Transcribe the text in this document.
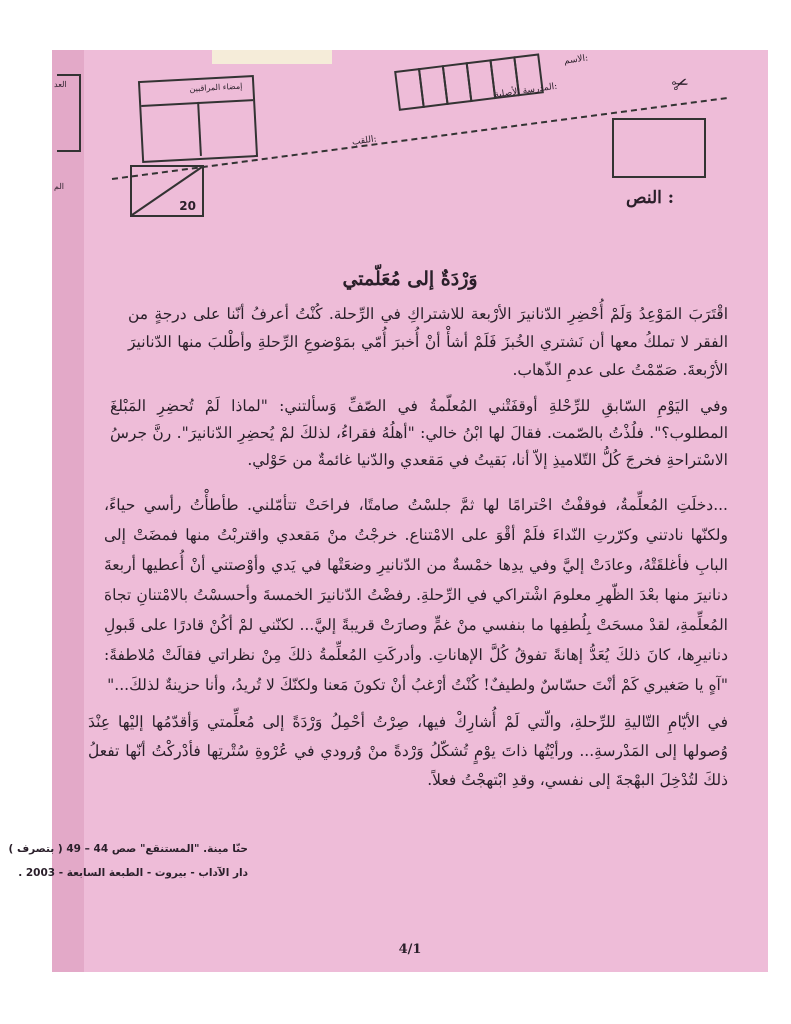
العد
الم
إمضاء المراقبين
20
الاسم:
المدرسة الأصلية:
اللقب:
✂
النص :
وَرْدَةٌ إلى مُعَلّمتي
اقْتَرَبَ المَوْعِدُ وَلَمْ أُحْضِرِ الدّنانيرَ الأرْبعة للاشتراكِ في الرِّحلة. كُنْتُ أعرفُ أنّنا على درجةٍ من الفقر لا تملكُ معها أن نَشتري الخُبزَ فَلَمْ أشأْ أنْ أُخبرَ أُمّي بمَوْضوعِ الرِّحلةِ وأطْلبَ منها الدّنانيرَ الأرْبعةَ. صَمّمْتُ على عدمِ الذّهاب.
وفي اليَوْمِ السّابقِ للرِّحْلةِ أوقفَتْني المُعلّمةُ في الصّفِّ وَسألتني: "لماذا لَمْ تُحضِرِ المَبْلغَ المطلوب؟". فلُذْتُ بالصّمت. فقالَ لها ابْنُ خالي: "أهلُهُ فقراءُ، لذلكَ لمْ يُحضِرِ الدّنانيرَ". رنَّ جرسُ الاسْتراحةِ فخرجَ كُلُّ التّلاميذِ إلاّ أنا، بَقيتُ في مَقعدي والدّنيا غائمةٌ من حَوْلي.
...دخلَتِ المُعلِّمةُ، فوقفْتُ احْترامًا لها ثمَّ جلسْتُ صامتًا، فراحَتْ تتأمّلني. طأطأْتُ رأسي حياءً، ولكنّها نادتني وكرّرتِ النّداءَ فلَمْ أقْوَ على الامْتناع. خرجْتُ منْ مَقعدي واقتربْتُ منها فمضَتْ إلى البابِ فأغلقَتْهُ، وعادَتْ إليَّ وفي يدِها خمْسةٌ من الدّنانيرِ وضعَتْها في يَدي وأوْصتني أنْ أُعطيها أربعةَ دنانيرَ منها بعْدَ الظّهرِ معلومَ اشْتراكي في الرِّحلةِ. رفضْتُ الدّنانيرَ الخمسةَ وأحسسْتُ بالامْتنانِ تجاهَ المُعلِّمةِ، لقدْ مسحَتْ بِلُطفِها ما بنفسي منْ غمٍّ وصارَتْ قريبةً إليَّ... لكنّني لمْ أكُنْ قادرًا على قَبولِ دنانيرِها، كانَ ذلكَ يُعَدُّ إهانةً تفوقُ كُلَّ الإهاناتِ. وأدركَتِ المُعلِّمةُ ذلكَ مِنْ نظراتي فقالَتْ مُلاطفةً: "آهٍ يا صَغيري كَمْ أنْتَ حسّاسٌ ولطيفٌ! كُنْتُ أرْغبُ أنْ تكونَ مَعنا ولكنّكَ لا تُريدُ، وأنا حزينةٌ لذلكَ..."
في الأيّامِ التّاليةِ للرِّحلةِ، والّتي لَمْ أُشارِكْ فيها، صِرْتُ أحْمِلُ وَرْدَةً إلى مُعلِّمتي وَأقدّمُها إليْها عِنْدَ وُصولها إلى المَدْرسةِ... ورأيْتُها ذاتَ يوْمٍ تُشكّلُ وَرْدةً منْ وُرودي في عُرْوةِ سُتْرتِها فأدْركْتُ أنّها تفعلُ ذلكَ لتُدْخِلَ البهْجةَ إلى نفسي، وقدِ ابْتهجْتُ فعلاً.
حنّا مينة. "المستنقع" صص 44 – 49 ( بتصرف )
دار الآداب - بيروت - الطبعة السابعة - 2003 .
4/1
